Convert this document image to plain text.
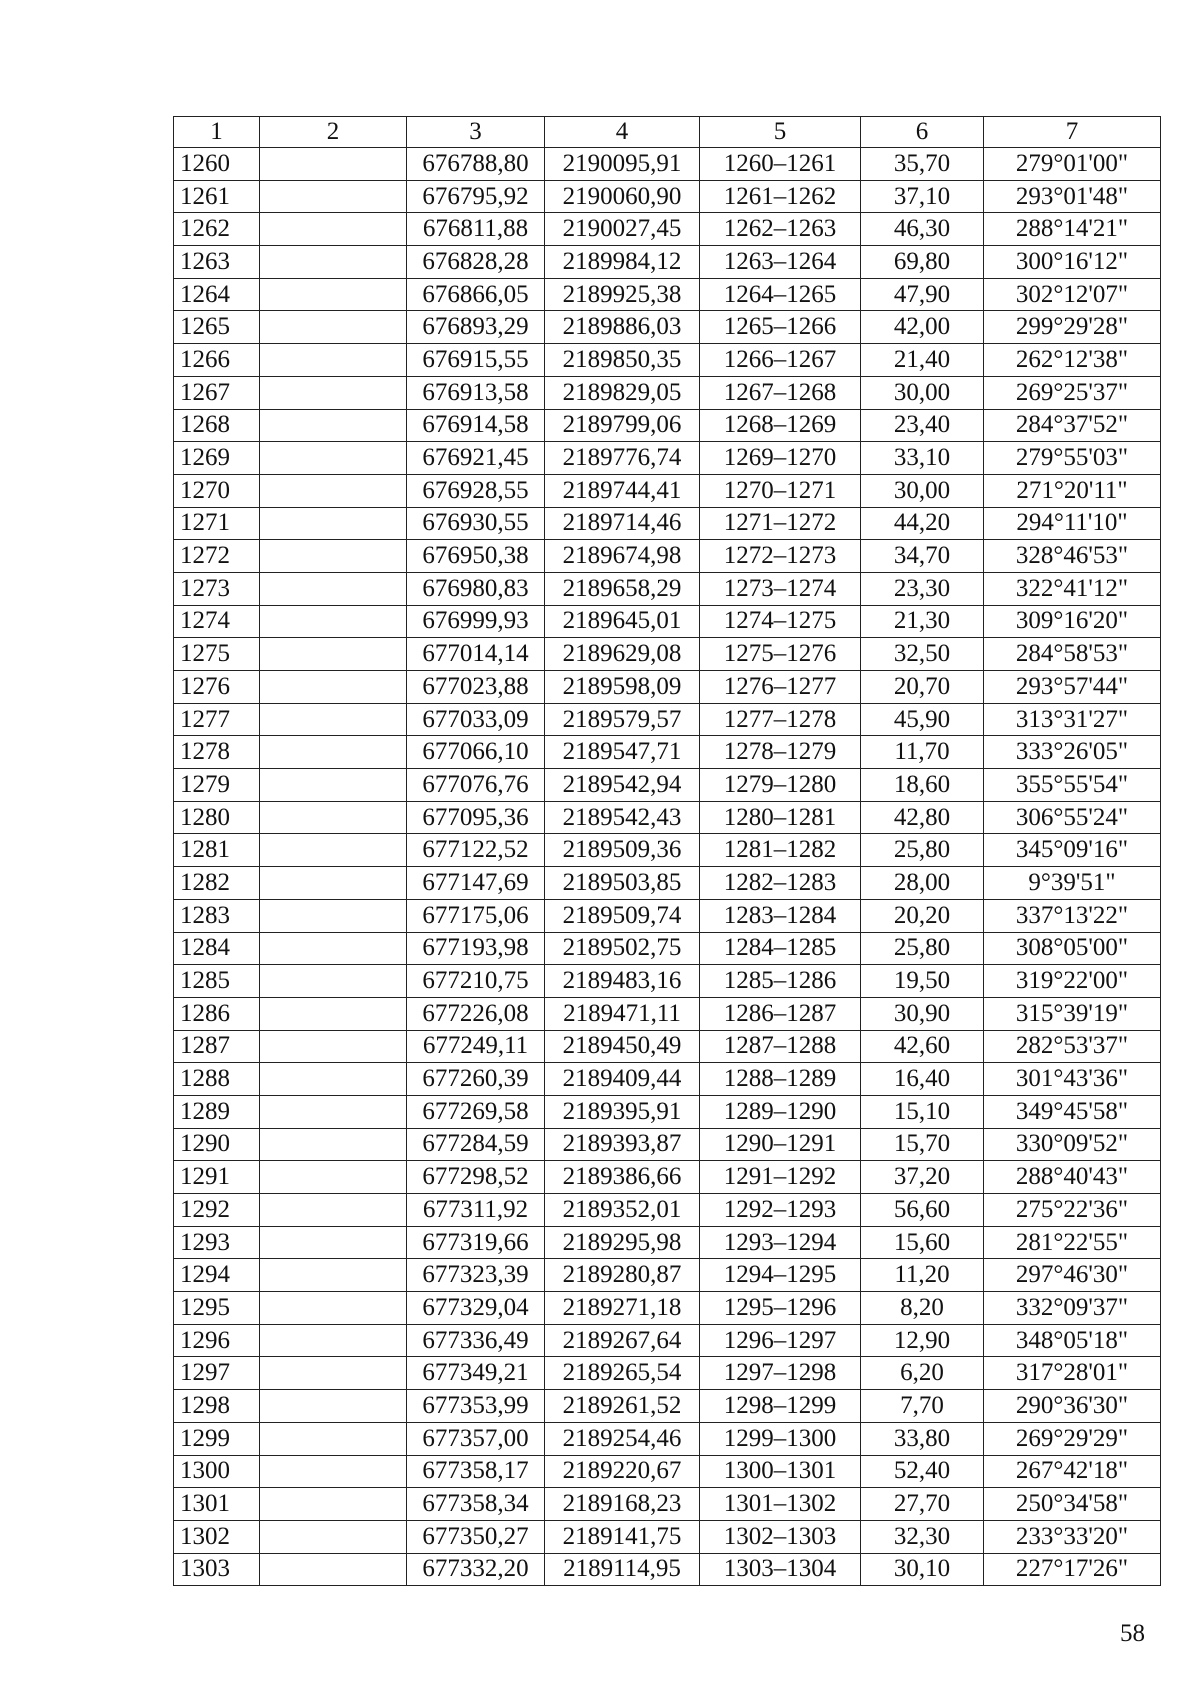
1	2	3	4	5	6	7
1260		676788,80	2190095,91	1260–1261	35,70	279°01'00"
1261		676795,92	2190060,90	1261–1262	37,10	293°01'48"
1262		676811,88	2190027,45	1262–1263	46,30	288°14'21"
1263		676828,28	2189984,12	1263–1264	69,80	300°16'12"
1264		676866,05	2189925,38	1264–1265	47,90	302°12'07"
1265		676893,29	2189886,03	1265–1266	42,00	299°29'28"
1266		676915,55	2189850,35	1266–1267	21,40	262°12'38"
1267		676913,58	2189829,05	1267–1268	30,00	269°25'37"
1268		676914,58	2189799,06	1268–1269	23,40	284°37'52"
1269		676921,45	2189776,74	1269–1270	33,10	279°55'03"
1270		676928,55	2189744,41	1270–1271	30,00	271°20'11"
1271		676930,55	2189714,46	1271–1272	44,20	294°11'10"
1272		676950,38	2189674,98	1272–1273	34,70	328°46'53"
1273		676980,83	2189658,29	1273–1274	23,30	322°41'12"
1274		676999,93	2189645,01	1274–1275	21,30	309°16'20"
1275		677014,14	2189629,08	1275–1276	32,50	284°58'53"
1276		677023,88	2189598,09	1276–1277	20,70	293°57'44"
1277		677033,09	2189579,57	1277–1278	45,90	313°31'27"
1278		677066,10	2189547,71	1278–1279	11,70	333°26'05"
1279		677076,76	2189542,94	1279–1280	18,60	355°55'54"
1280		677095,36	2189542,43	1280–1281	42,80	306°55'24"
1281		677122,52	2189509,36	1281–1282	25,80	345°09'16"
1282		677147,69	2189503,85	1282–1283	28,00	9°39'51"
1283		677175,06	2189509,74	1283–1284	20,20	337°13'22"
1284		677193,98	2189502,75	1284–1285	25,80	308°05'00"
1285		677210,75	2189483,16	1285–1286	19,50	319°22'00"
1286		677226,08	2189471,11	1286–1287	30,90	315°39'19"
1287		677249,11	2189450,49	1287–1288	42,60	282°53'37"
1288		677260,39	2189409,44	1288–1289	16,40	301°43'36"
1289		677269,58	2189395,91	1289–1290	15,10	349°45'58"
1290		677284,59	2189393,87	1290–1291	15,70	330°09'52"
1291		677298,52	2189386,66	1291–1292	37,20	288°40'43"
1292		677311,92	2189352,01	1292–1293	56,60	275°22'36"
1293		677319,66	2189295,98	1293–1294	15,60	281°22'55"
1294		677323,39	2189280,87	1294–1295	11,20	297°46'30"
1295		677329,04	2189271,18	1295–1296	8,20	332°09'37"
1296		677336,49	2189267,64	1296–1297	12,90	348°05'18"
1297		677349,21	2189265,54	1297–1298	6,20	317°28'01"
1298		677353,99	2189261,52	1298–1299	7,70	290°36'30"
1299		677357,00	2189254,46	1299–1300	33,80	269°29'29"
1300		677358,17	2189220,67	1300–1301	52,40	267°42'18"
1301		677358,34	2189168,23	1301–1302	27,70	250°34'58"
1302		677350,27	2189141,75	1302–1303	32,30	233°33'20"
1303		677332,20	2189114,95	1303–1304	30,10	227°17'26"
58
